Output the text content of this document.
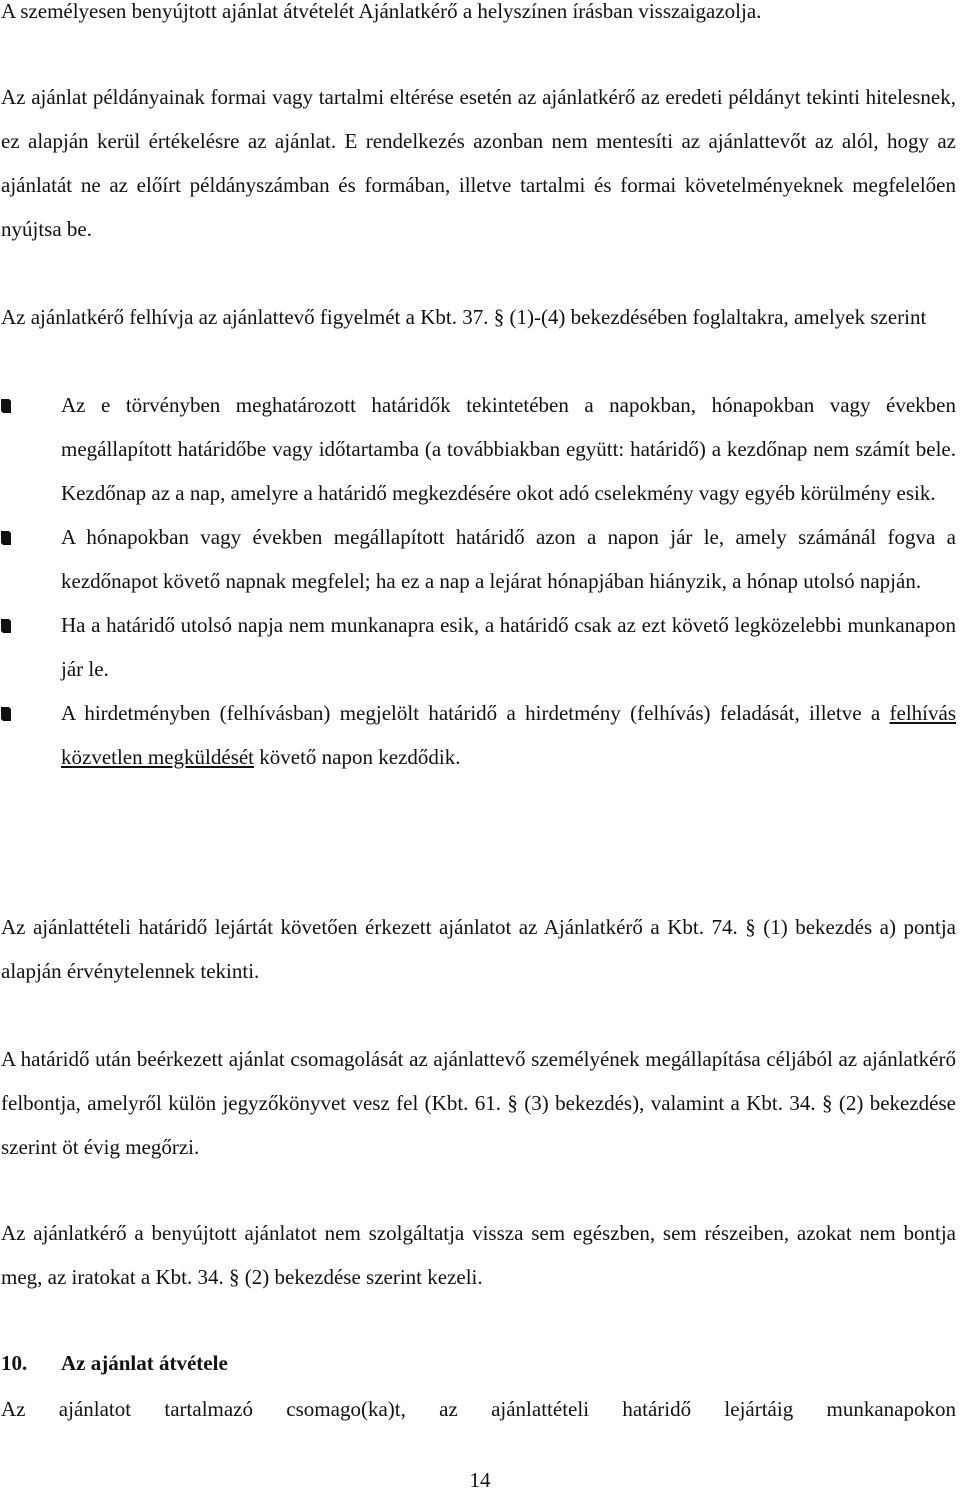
A személyesen benyújtott ajánlat átvételét Ajánlatkérő a helyszínen írásban visszaigazolja.

Az ajánlat példányainak formai vagy tartalmi eltérése esetén az ajánlatkérő az eredeti példányt tekinti hitelesnek, ez alapján kerül értékelésre az ajánlat. E rendelkezés azonban nem mentesíti az ajánlattevőt az alól, hogy az ajánlatát ne az előírt példányszámban és formában, illetve tartalmi és formai követelményeknek megfelelően nyújtsa be.

Az ajánlatkérő felhívja az ajánlattevő figyelmét a Kbt. 37. § (1)-(4) bekezdésében foglaltakra, amelyek szerint

Az e törvényben meghatározott határidők tekintetében a napokban, hónapokban vagy években megállapított határidőbe vagy időtartamba (a továbbiakban együtt: határidő) a kezdőnap nem számít bele. Kezdőnap az a nap, amelyre a határidő megkezdésére okot adó cselekmény vagy egyéb körülmény esik.
A hónapokban vagy években megállapított határidő azon a napon jár le, amely számánál fogva a kezdőnapot követő napnak megfelel; ha ez a nap a lejárat hónapjában hiányzik, a hónap utolsó napján.
Ha a határidő utolsó napja nem munkanapra esik, a határidő csak az ezt követő legközelebbi munkanapon jár le.
A hirdetményben (felhívásban) megjelölt határidő a hirdetmény (felhívás) feladását, illetve a felhívás közvetlen megküldését követő napon kezdődik.

Az ajánlattételi határidő lejártát követően érkezett ajánlatot az Ajánlatkérő a Kbt. 74. § (1) bekezdés a) pontja alapján érvénytelennek tekinti.

A határidő után beérkezett ajánlat csomagolását az ajánlattevő személyének megállapítása céljából az ajánlatkérő felbontja, amelyről külön jegyzőkönyvet vesz fel (Kbt. 61. § (3) bekezdés), valamint a Kbt. 34. § (2) bekezdése szerint öt évig megőrzi.

Az ajánlatkérő a benyújtott ajánlatot nem szolgáltatja vissza sem egészben, sem részeiben, azokat nem bontja meg, az iratokat a Kbt. 34. § (2) bekezdése szerint kezeli.

10. Az ajánlat átvétele

Az ajánlatot tartalmazó csomago(ka)t, az ajánlattételi határidő lejártáig munkanapokon

14
